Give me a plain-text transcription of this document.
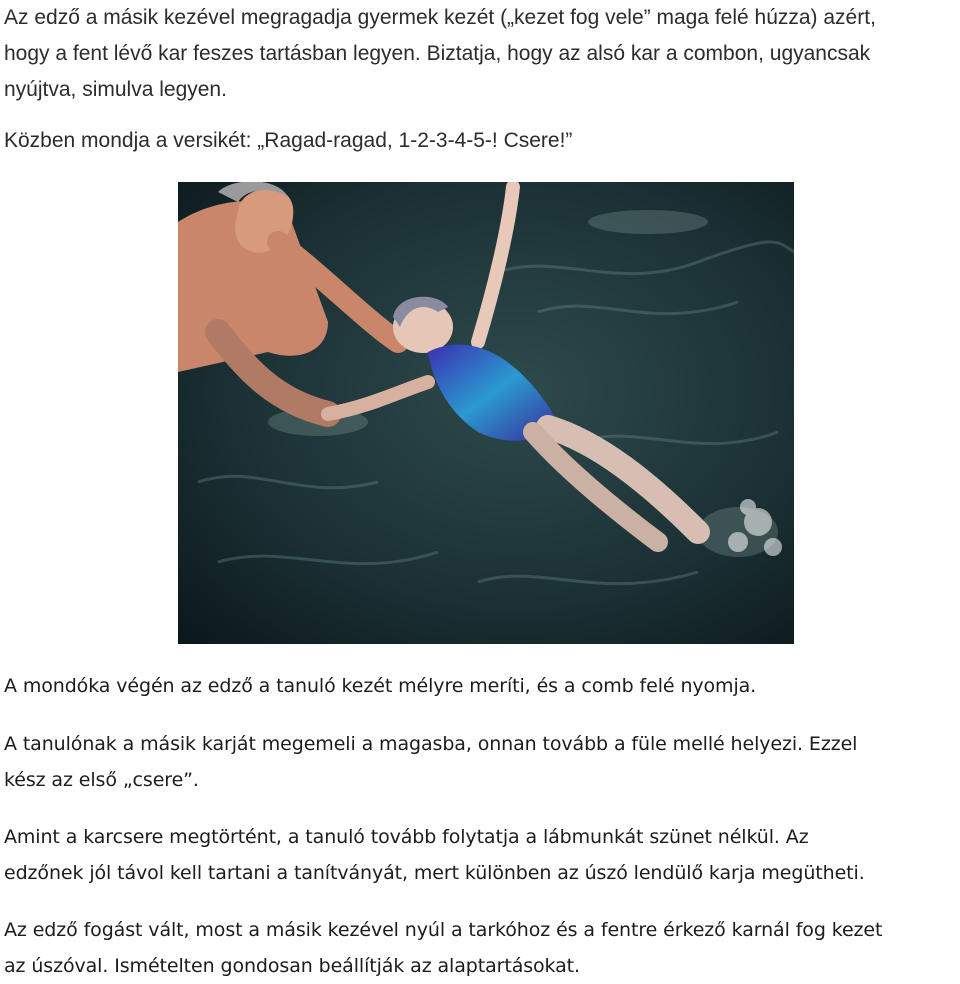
Az edző a másik kezével megragadja gyermek kezét („kezet fog vele” maga felé húzza) azért,
hogy a fent lévő kar feszes tartásban legyen. Biztatja, hogy az alsó kar a combon, ugyancsak
nyújtva, simulva legyen.
Közben mondja a versikét: „Ragad-ragad, 1-2-3-4-5-! Csere!”
A mondóka végén az edző a tanuló kezét mélyre meríti, és a comb felé nyomja.
A tanulónak a másik karját megemeli a magasba, onnan tovább a füle mellé helyezi. Ezzel
kész az első „csere”.
Amint a karcsere megtörtént, a tanuló tovább folytatja a lábmunkát szünet nélkül. Az
edzőnek jól távol kell tartani a tanítványát, mert különben az úszó lendülő karja megütheti.
Az edző fogást vált, most a másik kezével nyúl a tarkóhoz és a fentre érkező karnál fog kezet
az úszóval. Ismételten gondosan beállítják az alaptartásokat.
